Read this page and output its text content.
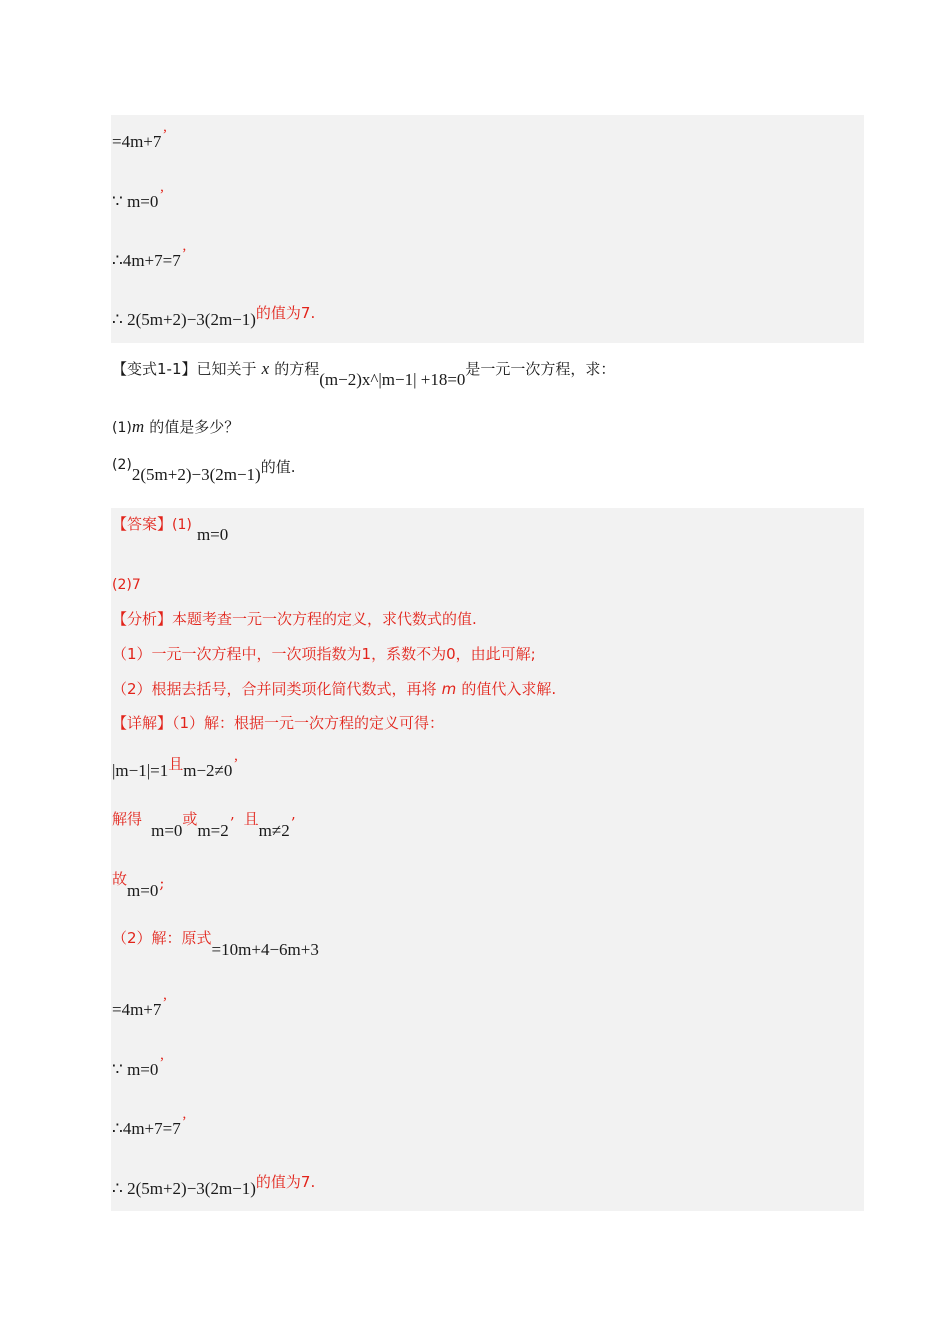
=4m+7’
∵ m=0’
∴4m+7=7’
∴ 2(5m+2)−3(2m−1)的值为7.
【变式1-1】已知关于 x 的方程(m−2)x^|m−1| +18=0是一元一次方程，求：
(1)m 的值是多少？
(2)2(5m+2)−3(2m−1)的值.
【答案】(1) m=0
(2)7
【分析】本题考查一元一次方程的定义，求代数式的值.
（1）一元一次方程中，一次项指数为1，系数不为0，由此可解;
（2）根据去括号，合并同类项化简代数式，再将 m 的值代入求解.
【详解】（1）解：根据一元一次方程的定义可得：
|m−1|=1且m−2≠0’
解得 m=0或m=2’ 且m≠2’
故m=0;
（2）解：原式=10m+4−6m+3
=4m+7’
∵ m=0’
∴4m+7=7’
∴ 2(5m+2)−3(2m−1)的值为7.
